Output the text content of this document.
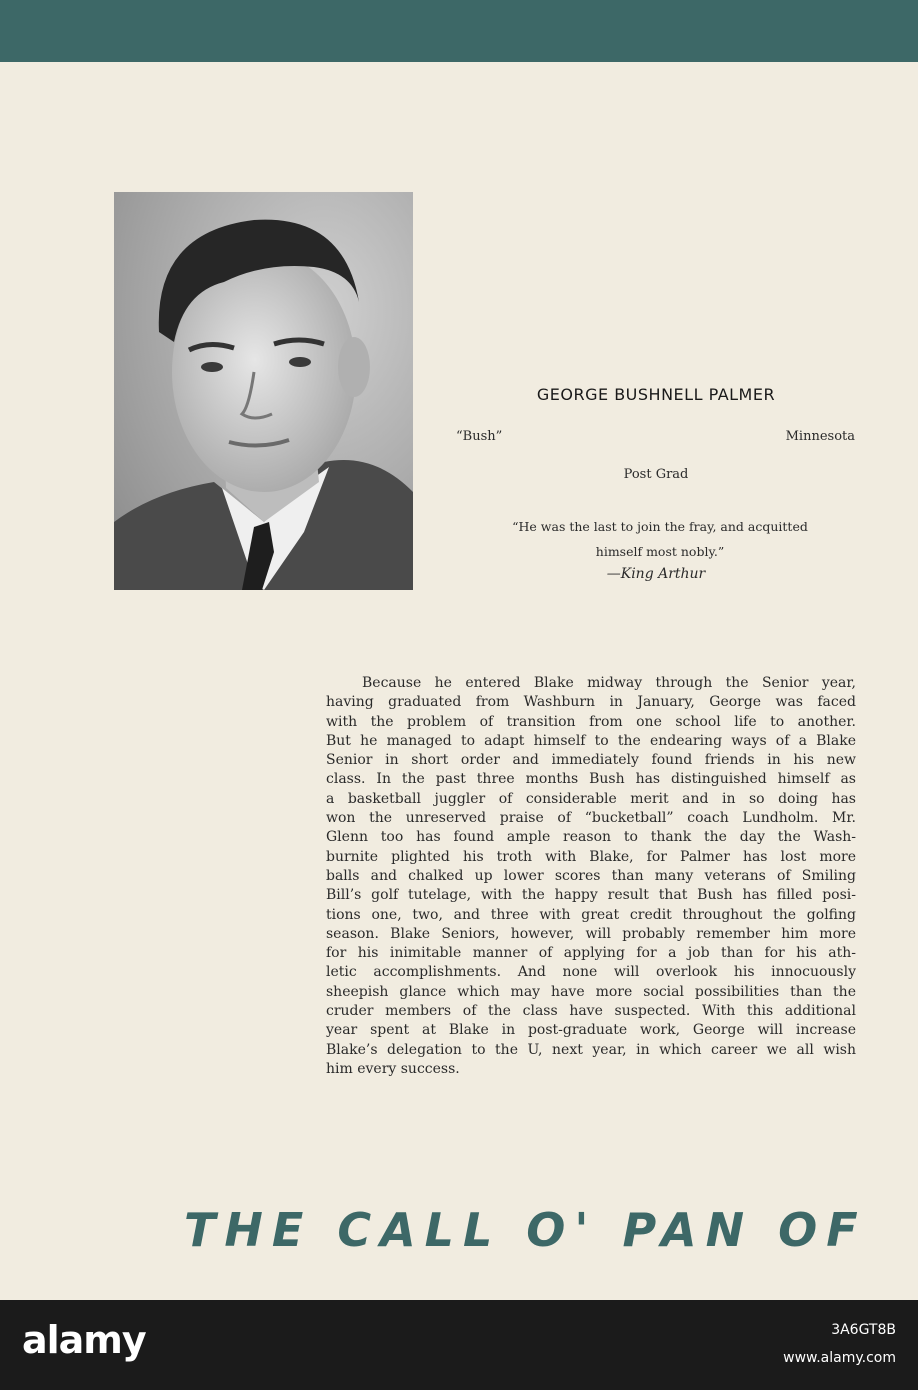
GEORGE BUSHNELL PALMER
“Bush”	Minnesota
Post Grad
“He was the last to join the fray, and acquitted
himself most nobly.”
—King Arthur
Because he entered Blake midway through the Senior year,
having graduated from Washburn in January, George was faced
with the problem of transition from one school life to another.
But he managed to adapt himself to the endearing ways of a Blake
Senior in short order and immediately found friends in his new
class. In the past three months Bush has distinguished himself as
a basketball juggler of considerable merit and in so doing has
won the unreserved praise of “bucketball” coach Lundholm. Mr.
Glenn too has found ample reason to thank the day the Wash-
burnite plighted his troth with Blake, for Palmer has lost more
balls and chalked up lower scores than many veterans of Smiling
Bill’s golf tutelage, with the happy result that Bush has filled posi-
tions one, two, and three with great credit throughout the golfing
season. Blake Seniors, however, will probably remember him more
for his inimitable manner of applying for a job than for his ath-
letic accomplishments. And none will overlook his innocuously
sheepish glance which may have more social possibilities than the
cruder members of the class have suspected. With this additional
year spent at Blake in post-graduate work, George will increase
Blake’s delegation to the U, next year, in which career we all wish
him every success.
THE CALL O' PAN OF
alamy	3A6GT8B
www.alamy.com
